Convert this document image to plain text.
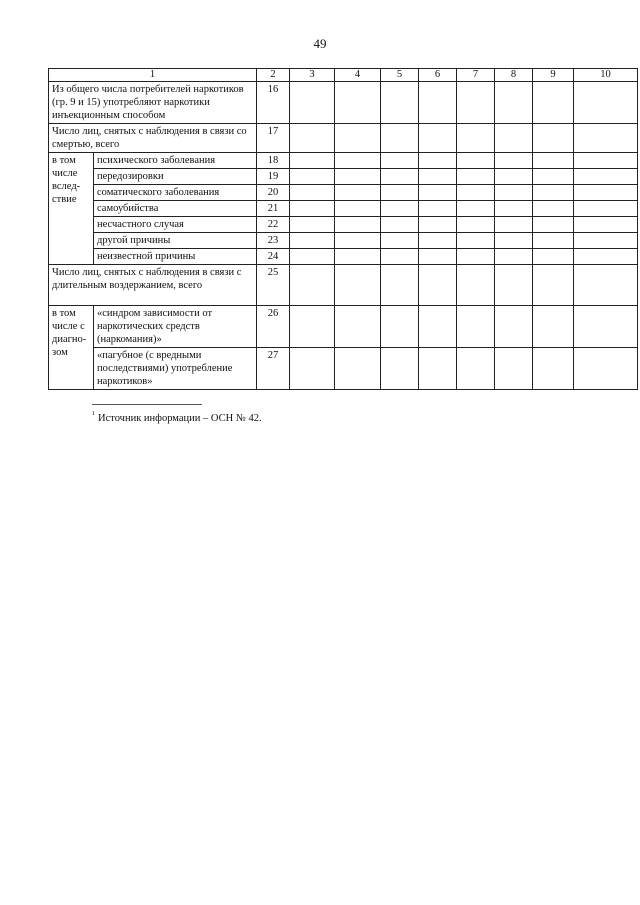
49
1		2	3	4	5	6	7	8	9	10
Из общего числа потребителей наркотиков (гр. 9 и 15) употребляют наркотики инъекционным способом		16								
Число лиц, снятых с наблюдения в связи со смертью, всего		17								
в том числе вслед-ствие	психического заболевания	18								
	передозировки	19								
	соматического заболевания	20								
	самоубийства	21								
	несчастного случая	22								
	другой причины	23								
	неизвестной причины	24								
Число лиц, снятых с наблюдения в связи с длительным воздержанием, всего		25								
в том числе с диагно-зом	«синдром зависимости от наркотических средств (наркомания)»	26								
	«пагубное (с вредными последствиями) употребление наркотиков»	27								
$^1$ Источник информации – ОСН № 42.
